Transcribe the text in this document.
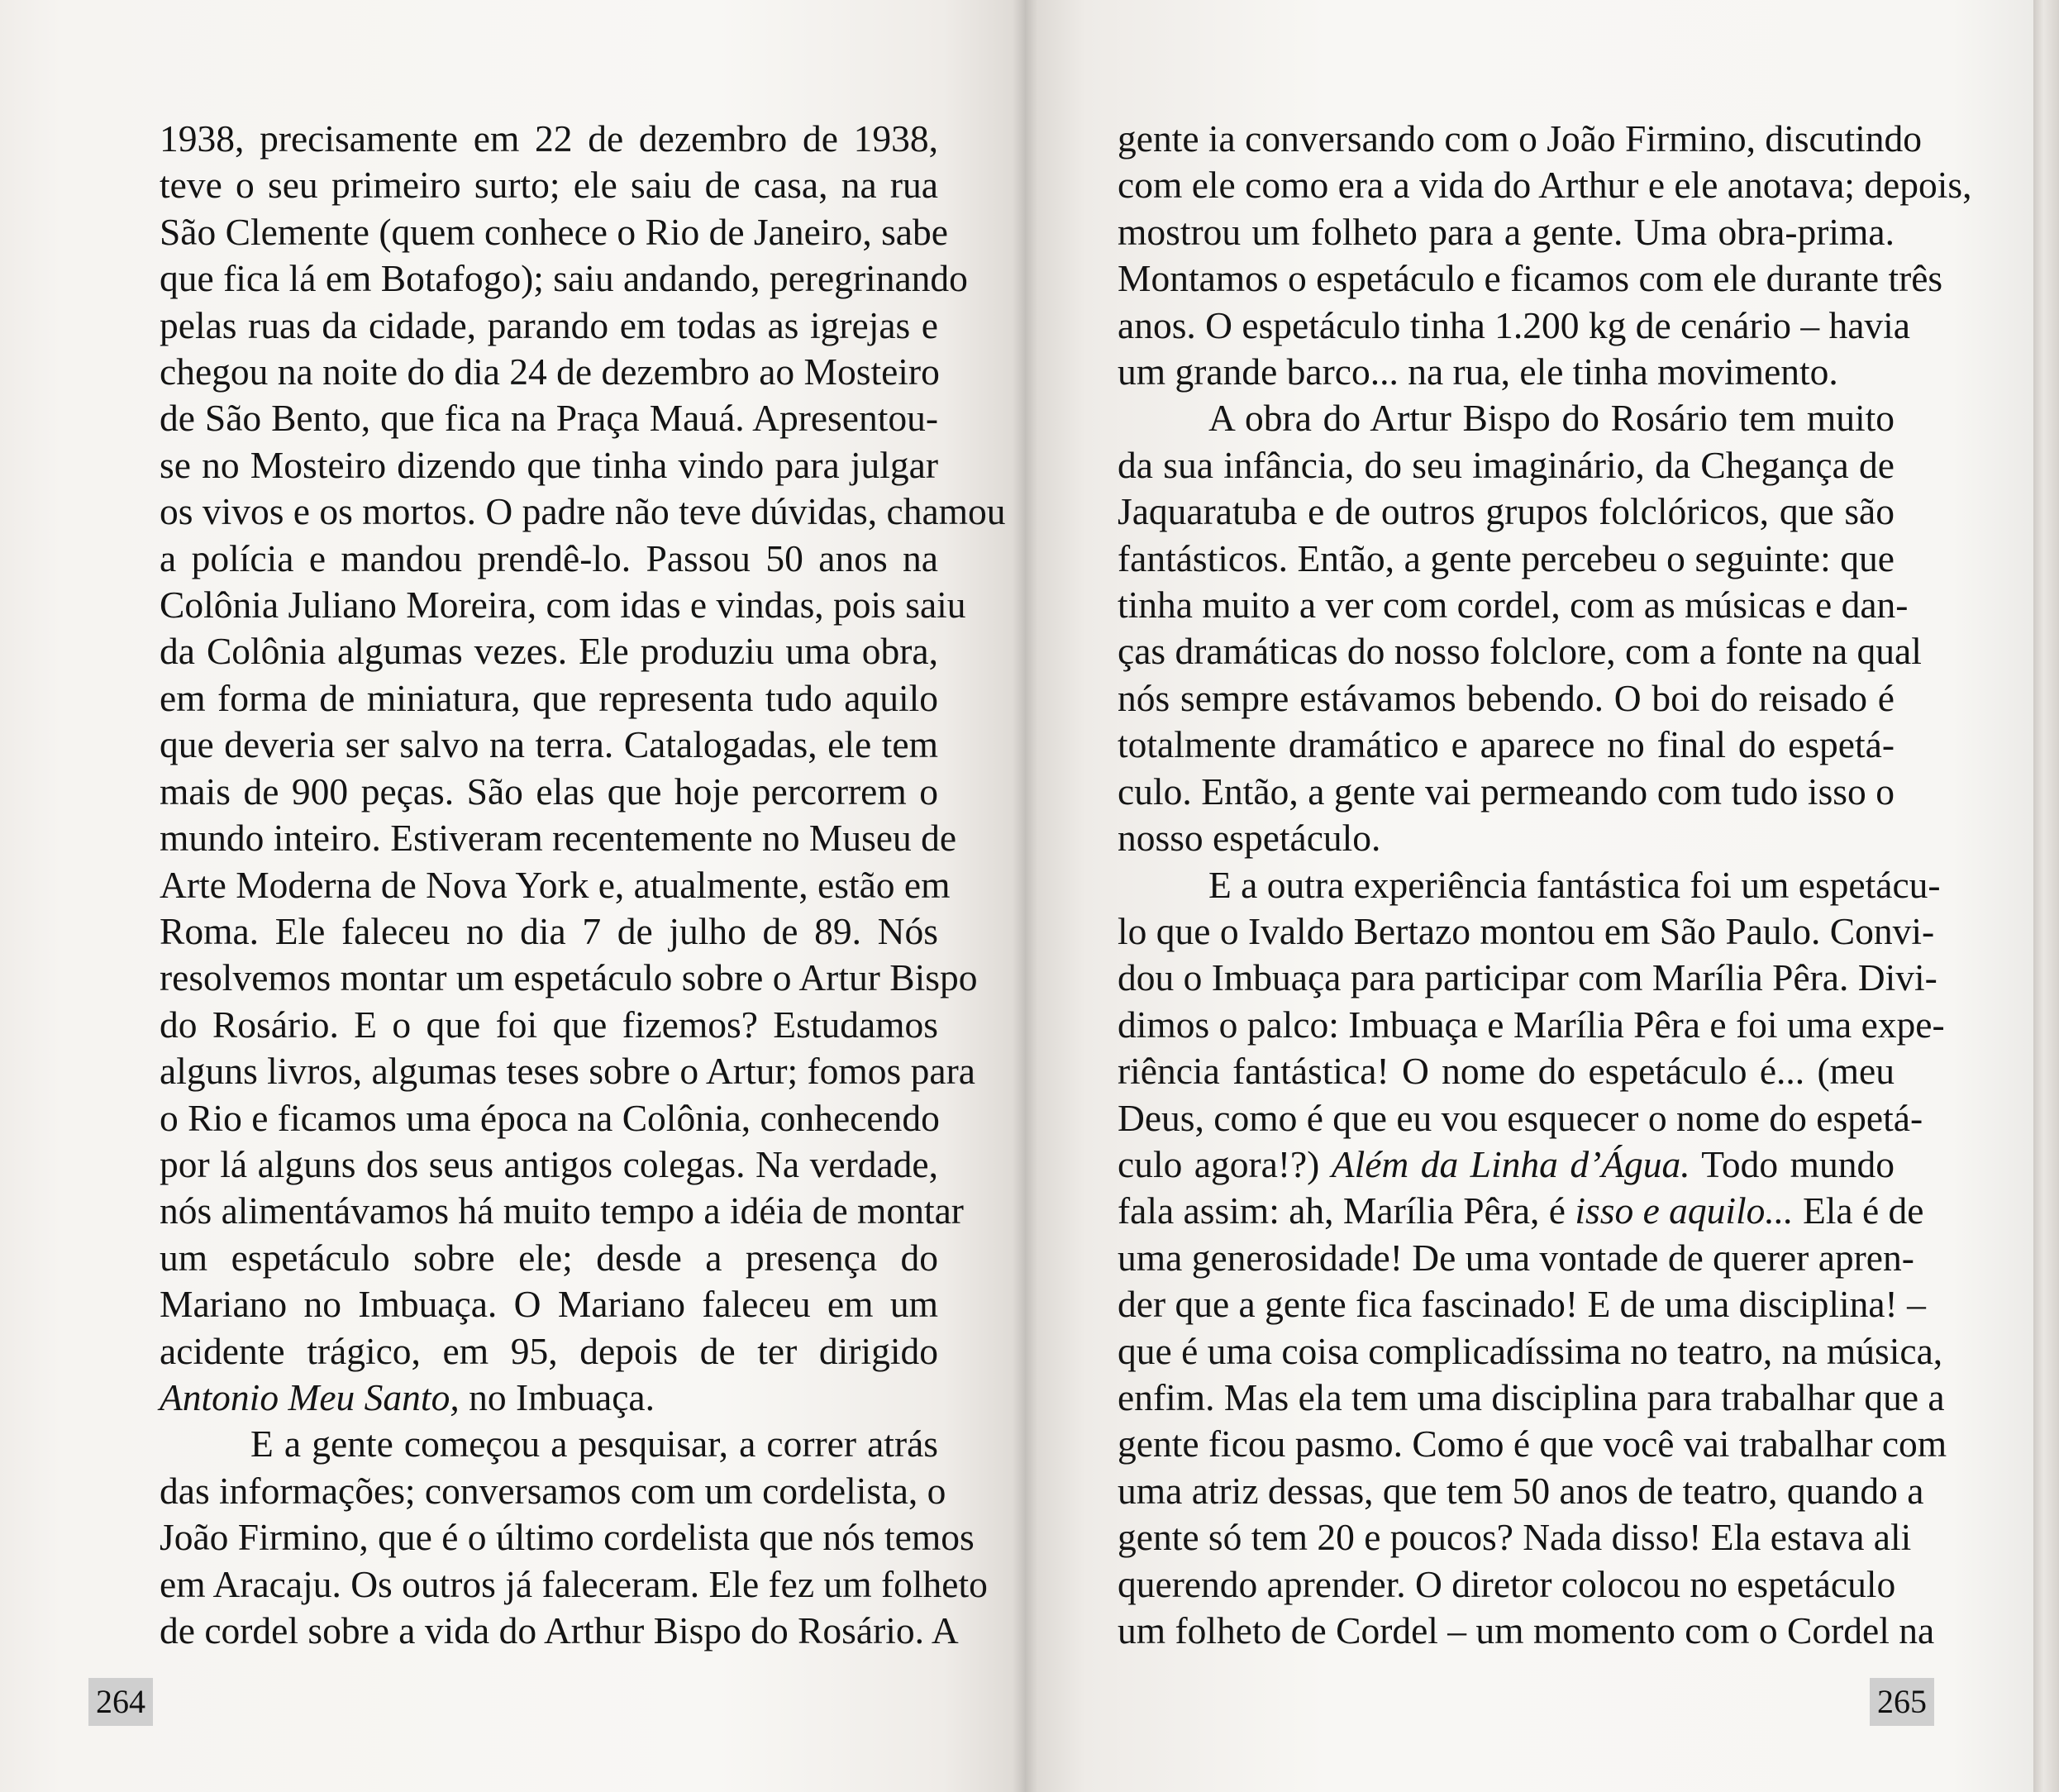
1938, precisamente em 22 de dezembro de 1938,
teve o seu primeiro surto; ele saiu de casa, na rua
São Clemente (quem conhece o Rio de Janeiro, sabe
que fica lá em Botafogo); saiu andando, peregrinando
pelas ruas da cidade, parando em todas as igrejas e
chegou na noite do dia 24 de dezembro ao Mosteiro
de São Bento, que fica na Praça Mauá. Apresentou-
se no Mosteiro dizendo que tinha vindo para julgar
os vivos e os mortos. O padre não teve dúvidas, chamou
a polícia e mandou prendê-lo. Passou 50 anos na
Colônia Juliano Moreira, com idas e vindas, pois saiu
da Colônia algumas vezes. Ele produziu uma obra,
em forma de miniatura, que representa tudo aquilo
que deveria ser salvo na terra. Catalogadas, ele tem
mais de 900 peças. São elas que hoje percorrem o
mundo inteiro. Estiveram recentemente no Museu de
Arte Moderna de Nova York e, atualmente, estão em
Roma. Ele faleceu no dia 7 de julho de 89. Nós
resolvemos montar um espetáculo sobre o Artur Bispo
do Rosário. E o que foi que fizemos? Estudamos
alguns livros, algumas teses sobre o Artur; fomos para
o Rio e ficamos uma época na Colônia, conhecendo
por lá alguns dos seus antigos colegas. Na verdade,
nós alimentávamos há muito tempo a idéia de montar
um espetáculo sobre ele; desde a presença do
Mariano no Imbuaça. O Mariano faleceu em um
acidente trágico, em 95, depois de ter dirigido
Antonio Meu Santo, no Imbuaça.

E a gente começou a pesquisar, a correr atrás
das informações; conversamos com um cordelista, o
João Firmino, que é o último cordelista que nós temos
em Aracaju. Os outros já faleceram. Ele fez um folheto
de cordel sobre a vida do Arthur Bispo do Rosário. A

264

gente ia conversando com o João Firmino, discutindo
com ele como era a vida do Arthur e ele anotava; depois,
mostrou um folheto para a gente. Uma obra-prima.
Montamos o espetáculo e ficamos com ele durante três
anos. O espetáculo tinha 1.200 kg de cenário – havia
um grande barco... na rua, ele tinha movimento.

A obra do Artur Bispo do Rosário tem muito
da sua infância, do seu imaginário, da Chegança de
Jaquaratuba e de outros grupos folclóricos, que são
fantásticos. Então, a gente percebeu o seguinte: que
tinha muito a ver com cordel, com as músicas e dan-
ças dramáticas do nosso folclore, com a fonte na qual
nós sempre estávamos bebendo. O boi do reisado é
totalmente dramático e aparece no final do espetá-
culo. Então, a gente vai permeando com tudo isso o
nosso espetáculo.

E a outra experiência fantástica foi um espetácu-
lo que o Ivaldo Bertazo montou em São Paulo. Convi-
dou o Imbuaça para participar com Marília Pêra. Divi-
dimos o palco: Imbuaça e Marília Pêra e foi uma expe-
riência fantástica! O nome do espetáculo é... (meu
Deus, como é que eu vou esquecer o nome do espetá-
culo agora!?) Além da Linha d’Água. Todo mundo
fala assim: ah, Marília Pêra, é isso e aquilo... Ela é de
uma generosidade! De uma vontade de querer apren-
der que a gente fica fascinado! E de uma disciplina! –
que é uma coisa complicadíssima no teatro, na música,
enfim. Mas ela tem uma disciplina para trabalhar que a
gente ficou pasmo. Como é que você vai trabalhar com
uma atriz dessas, que tem 50 anos de teatro, quando a
gente só tem 20 e poucos? Nada disso! Ela estava ali
querendo aprender. O diretor colocou no espetáculo
um folheto de Cordel – um momento com o Cordel na

265
